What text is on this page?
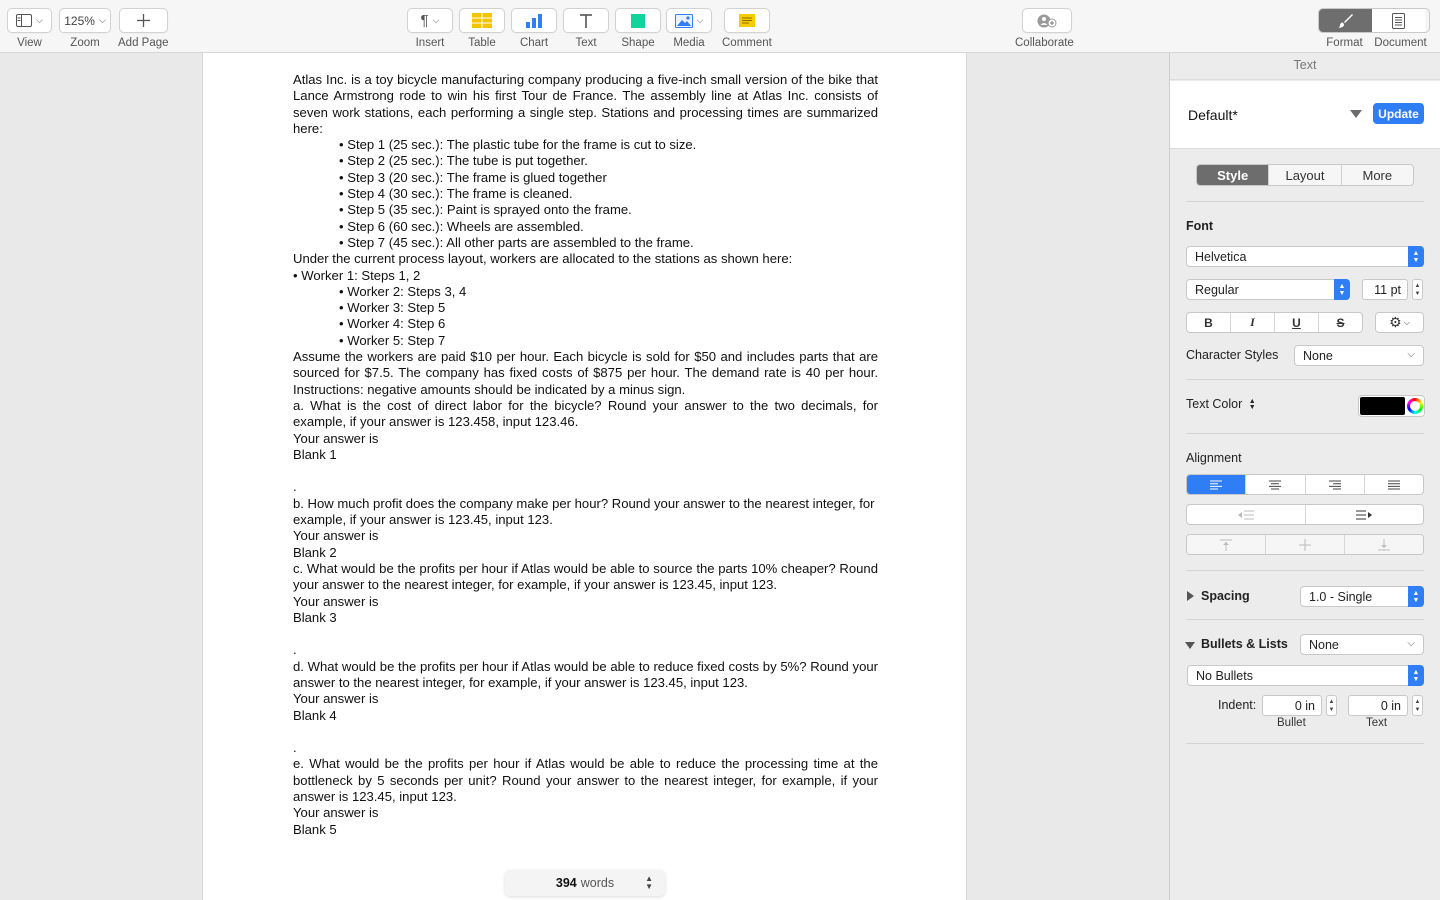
⌵
View
125% ⌵
Zoom Add Page
¶ ⌵
Insert Table Chart Text Shape
⌵
Media Comment	Collaborate	Format	Document

Atlas Inc. is a toy bicycle manufacturing company producing a five-inch small version of the bike that Lance Armstrong rode to win his first Tour de France. The assembly line at Atlas Inc. consists of seven work stations, each performing a single step. Stations and processing times are summarized here:

• Step 1 (25 sec.): The plastic tube for the frame is cut to size.
• Step 2 (25 sec.): The tube is put together.
• Step 3 (20 sec.): The frame is glued together
• Step 4 (30 sec.): The frame is cleaned.
• Step 5 (35 sec.): Paint is sprayed onto the frame.
• Step 6 (60 sec.): Wheels are assembled.
• Step 7 (45 sec.): All other parts are assembled to the frame.
Under the current process layout, workers are allocated to the stations as shown here:
• Worker 1: Steps 1, 2
• Worker 2: Steps 3, 4
• Worker 3: Step 5
• Worker 4: Step 6
• Worker 5: Step 7

Assume the workers are paid $10 per hour. Each bicycle is sold for $50 and includes parts that are sourced for $7.5. The company has fixed costs of $875 per hour. The demand rate is 40 per hour. Instructions: negative amounts should be indicated by a minus sign.

a. What is the cost of direct labor for the bicycle? Round your answer to the two decimals, for example, if your answer is 123.458, input 123.46.

Your answer is
Blank 1
.

b. How much profit does the company make per hour? Round your answer to the nearest integer, for example, if your answer is 123.45, input 123.

Your answer is
Blank 2

c. What would be the profits per hour if Atlas would be able to source the parts 10% cheaper? Round your answer to the nearest integer, for example, if your answer is 123.45, input 123.

Your answer is
Blank 3
.

d. What would be the profits per hour if Atlas would be able to reduce fixed costs by 5%? Round your answer to the nearest integer, for example, if your answer is 123.45, input 123.

Your answer is
Blank 4
.

e. What would be the profits per hour if Atlas would be able to reduce the processing time at the bottleneck by 5 seconds per unit? Round your answer to the nearest integer, for example, if your answer is 123.45, input 123.

Your answer is
Blank 5
394 words	▲
▼
Text
Default*	Update
Style	Layout	More
Font
Helvetica	▲
▼
Regular	▲
▼	11 pt	▲
▼
B	I	U	S	⚙ ⌵
Character Styles None	⌵
Text Color ▲
▼
Alignment
Spacing	1.0 - Single	▲
▼
Bullets & Lists None	⌵
No Bullets	▲
▼
Indent:	0 in	▲
▼	0 in	▲
▼
Bullet	Text
